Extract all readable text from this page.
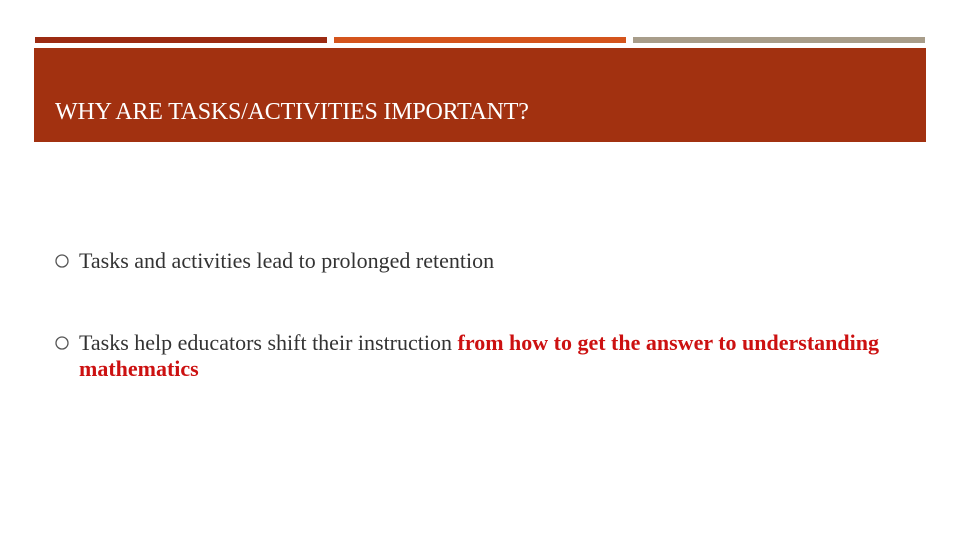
WHY ARE TASKS/ACTIVITIES IMPORTANT?
Tasks and activities lead to prolonged retention
Tasks help educators shift their instruction from how to get the answer to understanding mathematics
